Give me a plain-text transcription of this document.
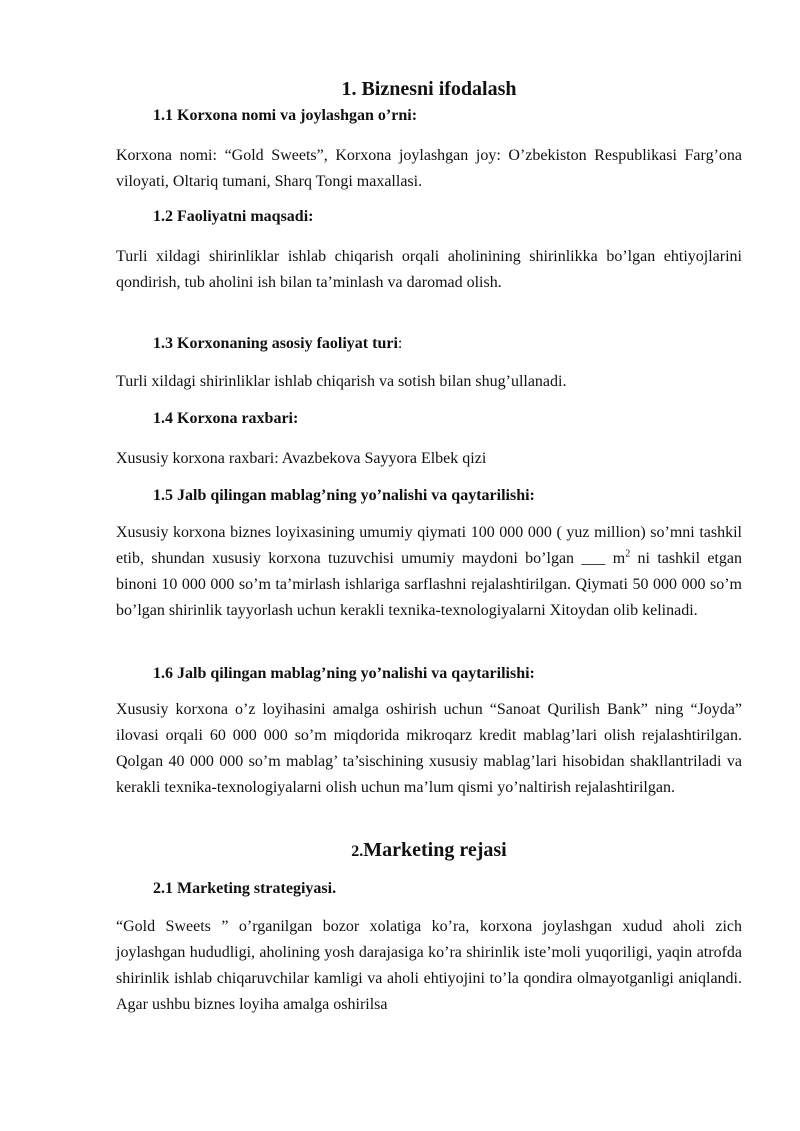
1. Biznesni ifodalash
1.1 Korxona nomi va joylashgan o’rni:

Korxona nomi: “Gold Sweets”, Korxona joylashgan joy: O’zbekiston Respublikasi Farg’ona viloyati, Oltariq tumani, Sharq Tongi maxallasi.

1.2 Faoliyatni maqsadi:

Turli xildagi shirinliklar ishlab chiqarish orqali aholinining shirinlikka bo’lgan ehtiyojlarini qondirish, tub aholini ish bilan ta’minlash va daromad olish.

1.3 Korxonaning asosiy faoliyat turi:

Turli xildagi shirinliklar ishlab chiqarish va sotish bilan shug’ullanadi.

1.4 Korxona raxbari:

Xususiy korxona raxbari: Avazbekova Sayyora Elbek qizi

1.5 Jalb qilingan mablag’ning yo’nalishi va qaytarilishi:

Xususiy korxona biznes loyixasining umumiy qiymati 100 000 000 ( yuz million) so’mni tashkil etib, shundan xususiy korxona tuzuvchisi umumiy maydoni bo’lgan ___ $m^2$ ni tashkil etgan binoni 10 000 000 so’m ta’mirlash ishlariga sarflashni rejalashtirilgan. Qiymati 50 000 000 so’m bo’lgan shirinlik tayyorlash uchun kerakli texnika-texnologiyalarni Xitoydan olib kelinadi.

1.6 Jalb qilingan mablag’ning yo’nalishi va qaytarilishi:

Xususiy korxona o’z loyihasini amalga oshirish uchun “Sanoat Qurilish Bank” ning “Joyda” ilovasi orqali 60 000 000 so’m miqdorida mikroqarz kredit mablag’lari olish rejalashtirilgan. Qolgan 40 000 000 so’m mablag’ ta’sischining xususiy mablag’lari hisobidan shakllantriladi va kerakli texnika-texnologiyalarni olish uchun ma’lum qismi yo’naltirish rejalashtirilgan.

2.Marketing rejasi
2.1 Marketing strategiyasi.

“Gold Sweets ” o’rganilgan bozor xolatiga ko’ra, korxona joylashgan xudud aholi zich joylashgan hududligi, aholining yosh darajasiga ko’ra shirinlik iste’moli yuqoriligi, yaqin atrofda shirinlik ishlab chiqaruvchilar kamligi va aholi ehtiyojini to’la qondira olmayotganligi aniqlandi. Agar ushbu biznes loyiha amalga oshirilsa
